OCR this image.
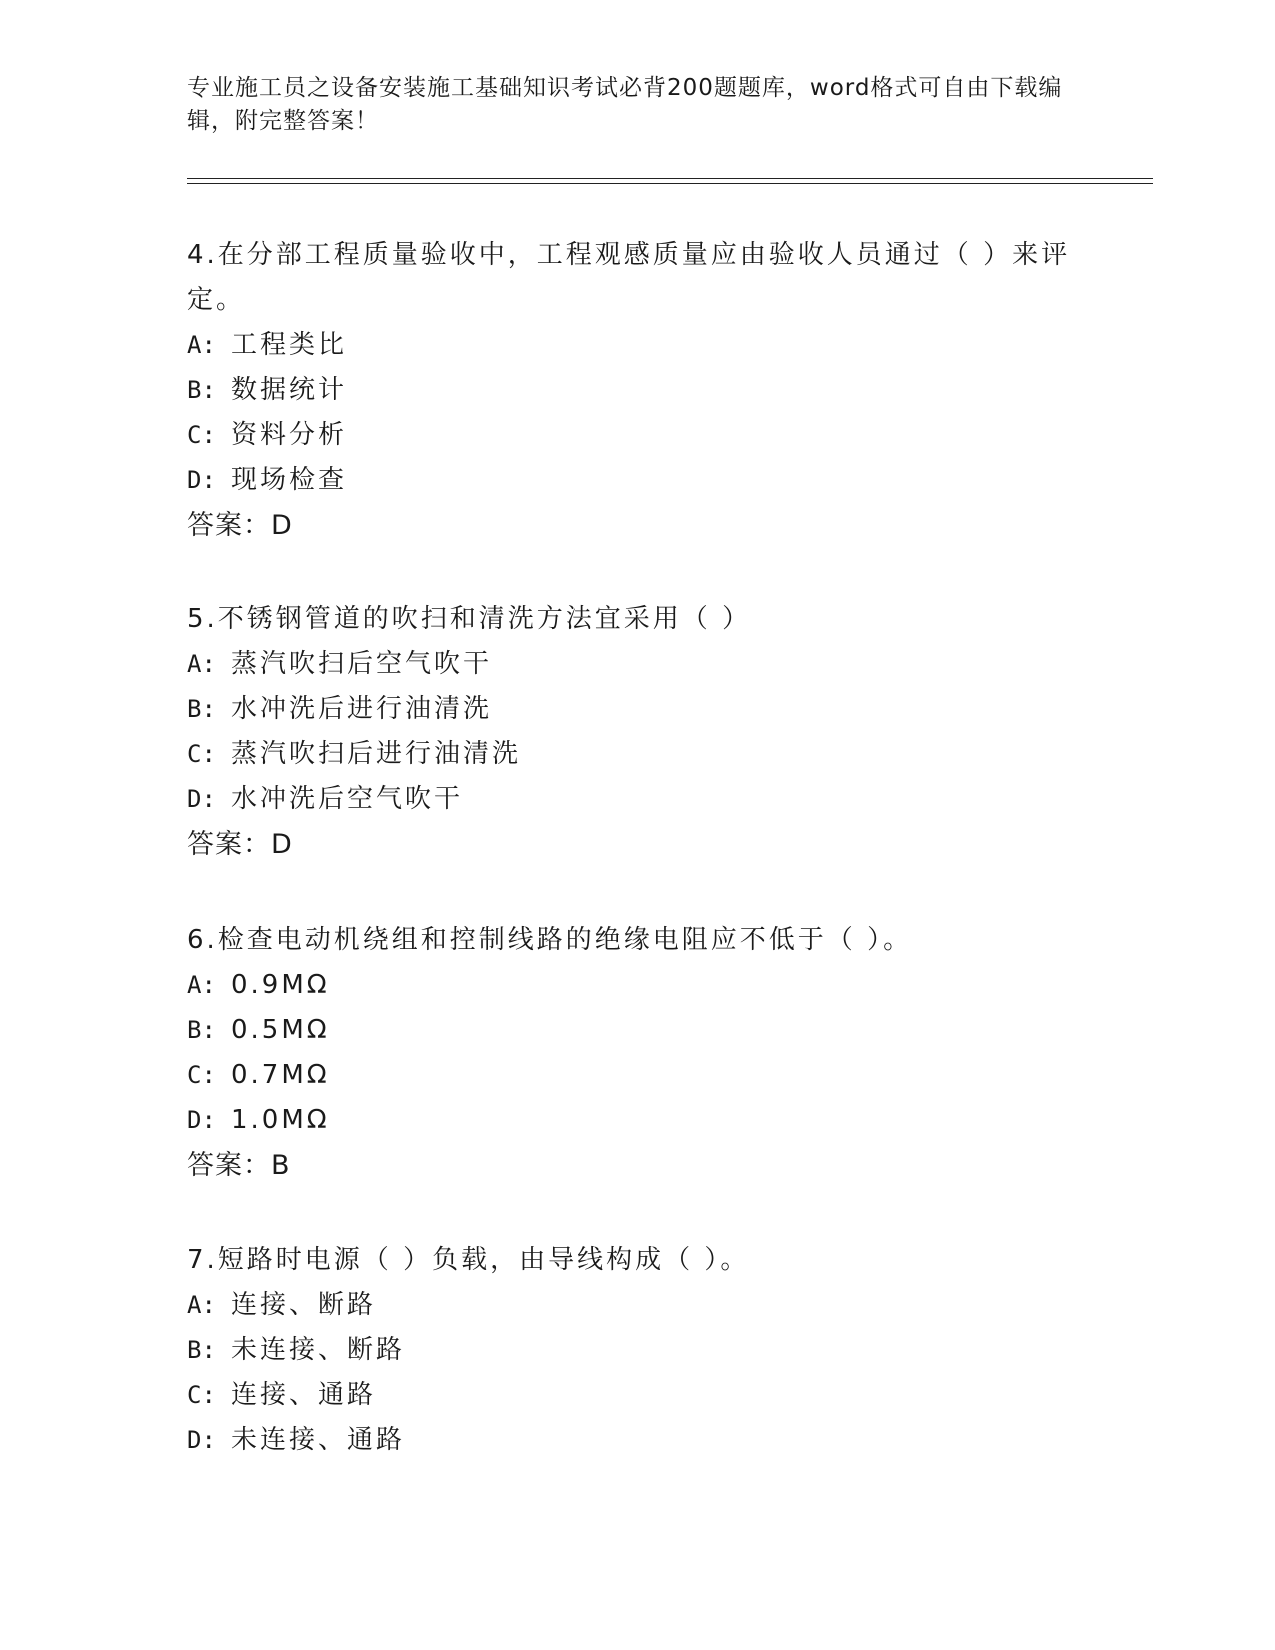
专业施工员之设备安装施工基础知识考试必背200题题库，word格式可自由下载编辑，附完整答案！

4.在分部工程质量验收中，工程观感质量应由验收人员通过（ ）来评定。

A: 工程类比

B: 数据统计

C: 资料分析

D: 现场检查

答案：D

5.不锈钢管道的吹扫和清洗方法宜采用（ ）

A: 蒸汽吹扫后空气吹干

B: 水冲洗后进行油清洗

C: 蒸汽吹扫后进行油清洗

D: 水冲洗后空气吹干

答案：D

6.检查电动机绕组和控制线路的绝缘电阻应不低于（ ）。

A: 0.9MΩ

B: 0.5MΩ

C: 0.7MΩ

D: 1.0MΩ

答案：B

7.短路时电源（ ）负载，由导线构成（ ）。

A: 连接、断路

B: 未连接、断路

C: 连接、通路

D: 未连接、通路
